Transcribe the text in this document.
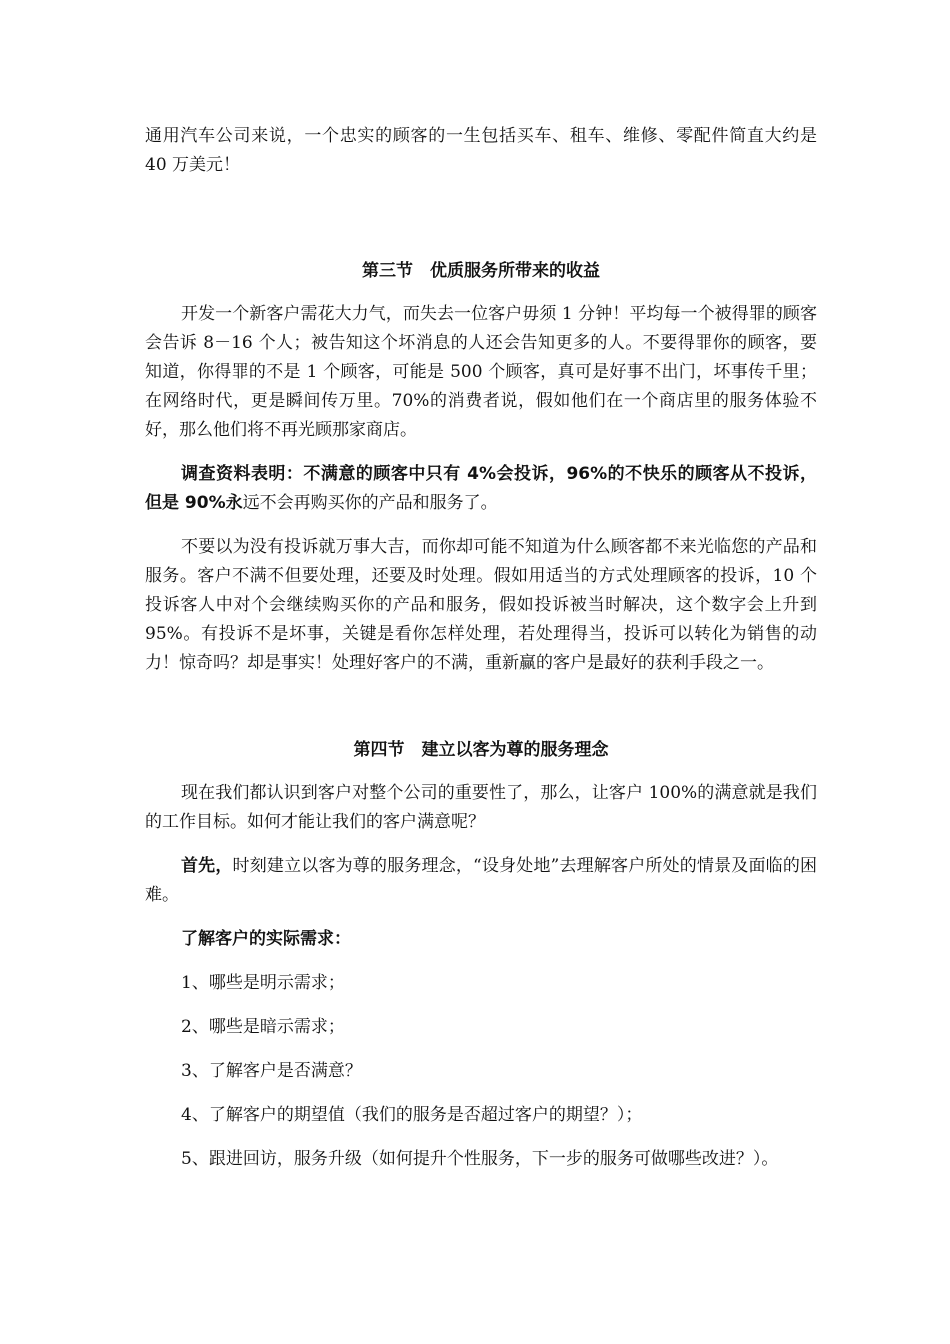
通用汽车公司来说，一个忠实的顾客的一生包括买车、租车、维修、零配件简直大约是 40 万美元！

第三节　优质服务所带来的收益

开发一个新客户需花大力气，而失去一位客户毋须 1 分钟！平均每一个被得罪的顾客会告诉 8－16 个人；被告知这个坏消息的人还会告知更多的人。不要得罪你的顾客，要知道，你得罪的不是 1 个顾客，可能是 500 个顾客，真可是好事不出门，坏事传千里；在网络时代，更是瞬间传万里。70%的消费者说，假如他们在一个商店里的服务体验不好，那么他们将不再光顾那家商店。

调查资料表明：不满意的顾客中只有 4%会投诉，96%的不快乐的顾客从不投诉，但是 90%永远不会再购买你的产品和服务了。

不要以为没有投诉就万事大吉，而你却可能不知道为什么顾客都不来光临您的产品和服务。客户不满不但要处理，还要及时处理。假如用适当的方式处理顾客的投诉，10 个投诉客人中对个会继续购买你的产品和服务，假如投诉被当时解决，这个数字会上升到 95%。有投诉不是坏事，关键是看你怎样处理，若处理得当，投诉可以转化为销售的动力！惊奇吗？却是事实！处理好客户的不满，重新赢的客户是最好的获利手段之一。

第四节　建立以客为尊的服务理念

现在我们都认识到客户对整个公司的重要性了，那么，让客户 100%的满意就是我们的工作目标。如何才能让我们的客户满意呢？

首先，时刻建立以客为尊的服务理念，“设身处地”去理解客户所处的情景及面临的困难。

了解客户的实际需求：

1、哪些是明示需求；

2、哪些是暗示需求；

3、了解客户是否满意？

4、了解客户的期望值（我们的服务是否超过客户的期望？）；

5、跟进回访，服务升级（如何提升个性服务，下一步的服务可做哪些改进？）。
